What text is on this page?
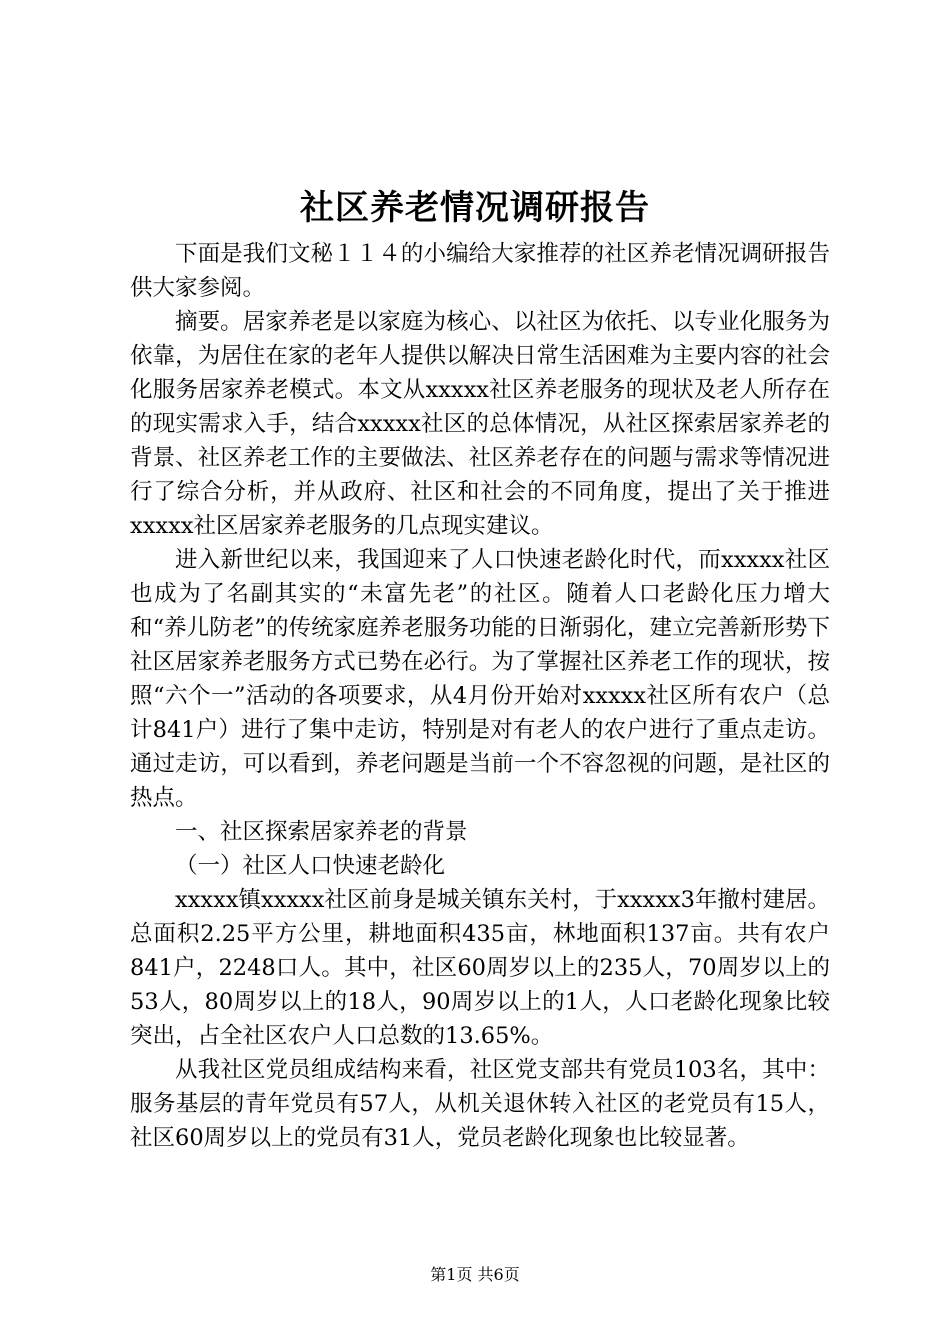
社区养老情况调研报告

下面是我们文秘１１４的小编给大家推荐的社区养老情况调研报告供大家参阅。

摘要。居家养老是以家庭为核心、以社区为依托、以专业化服务为依靠，为居住在家的老年人提供以解决日常生活困难为主要内容的社会化服务居家养老模式。本文从xxxxx社区养老服务的现状及老人所存在的现实需求入手，结合xxxxx社区的总体情况，从社区探索居家养老的背景、社区养老工作的主要做法、社区养老存在的问题与需求等情况进行了综合分析，并从政府、社区和社会的不同角度，提出了关于推进xxxxx社区居家养老服务的几点现实建议。

进入新世纪以来，我国迎来了人口快速老龄化时代，而xxxxx社区也成为了名副其实的“未富先老”的社区。随着人口老龄化压力增大和“养儿防老”的传统家庭养老服务功能的日渐弱化，建立完善新形势下社区居家养老服务方式已势在必行。为了掌握社区养老工作的现状，按照“六个一”活动的各项要求，从4月份开始对xxxxx社区所有农户（总计841户）进行了集中走访，特别是对有老人的农户进行了重点走访。通过走访，可以看到，养老问题是当前一个不容忽视的问题，是社区的热点。

一、社区探索居家养老的背景

（一）社区人口快速老龄化

xxxxx镇xxxxx社区前身是城关镇东关村，于xxxxx3年撤村建居。总面积2.25平方公里，耕地面积435亩，林地面积137亩。共有农户841户，2248口人。其中，社区60周岁以上的235人，70周岁以上的53人，80周岁以上的18人，90周岁以上的1人，人口老龄化现象比较突出，占全社区农户人口总数的13.65%。

从我社区党员组成结构来看，社区党支部共有党员103名，其中：服务基层的青年党员有57人，从机关退休转入社区的老党员有15人，社区60周岁以上的党员有31人，党员老龄化现象也比较显著。

第1页 共6页
